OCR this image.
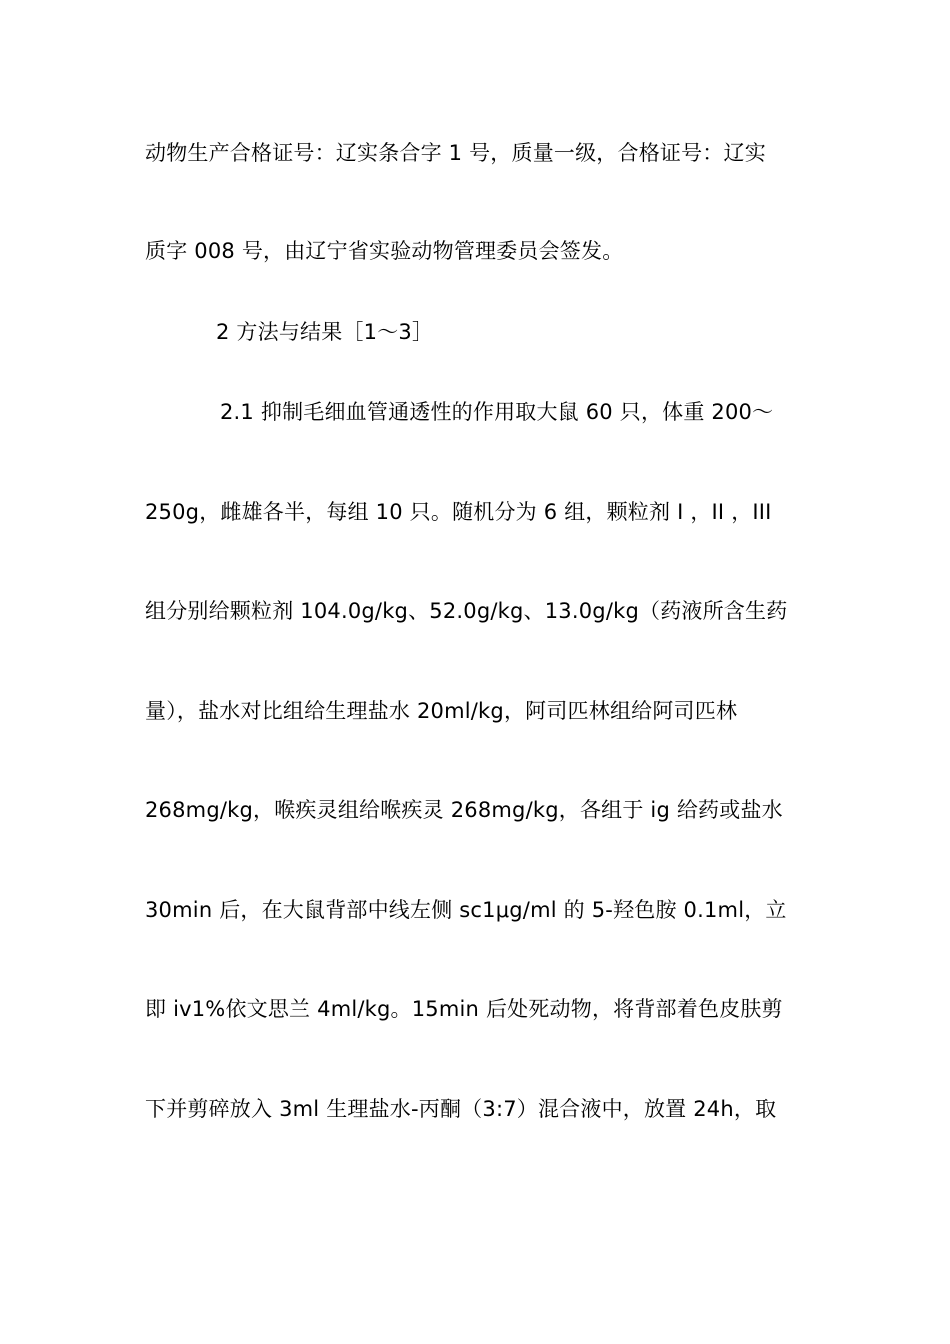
动物生产合格证号：辽实条合字 1 号，质量一级，合格证号：辽实
质字 008 号，由辽宁省实验动物管理委员会签发。
2 方法与结果［1～3］
2.1 抑制毛细血管通透性的作用取大鼠 60 只，体重 200～
250g，雌雄各半，每组 10 只。随机分为 6 组，颗粒剂 I ，II ，III
组分别给颗粒剂 104.0g/kg、52.0g/kg、13.0g/kg（药液所含生药
量），盐水对比组给生理盐水 20ml/kg，阿司匹林组给阿司匹林
268mg/kg，喉疾灵组给喉疾灵 268mg/kg，各组于 ig 给药或盐水
30min 后，在大鼠背部中线左侧 sc1μg/ml 的 5-羟色胺 0.1ml，立
即 iv1%依文思兰 4ml/kg。15min 后处死动物，将背部着色皮肤剪
下并剪碎放入 3ml 生理盐水-丙酮（3:7）混合液中，放置 24h，取
